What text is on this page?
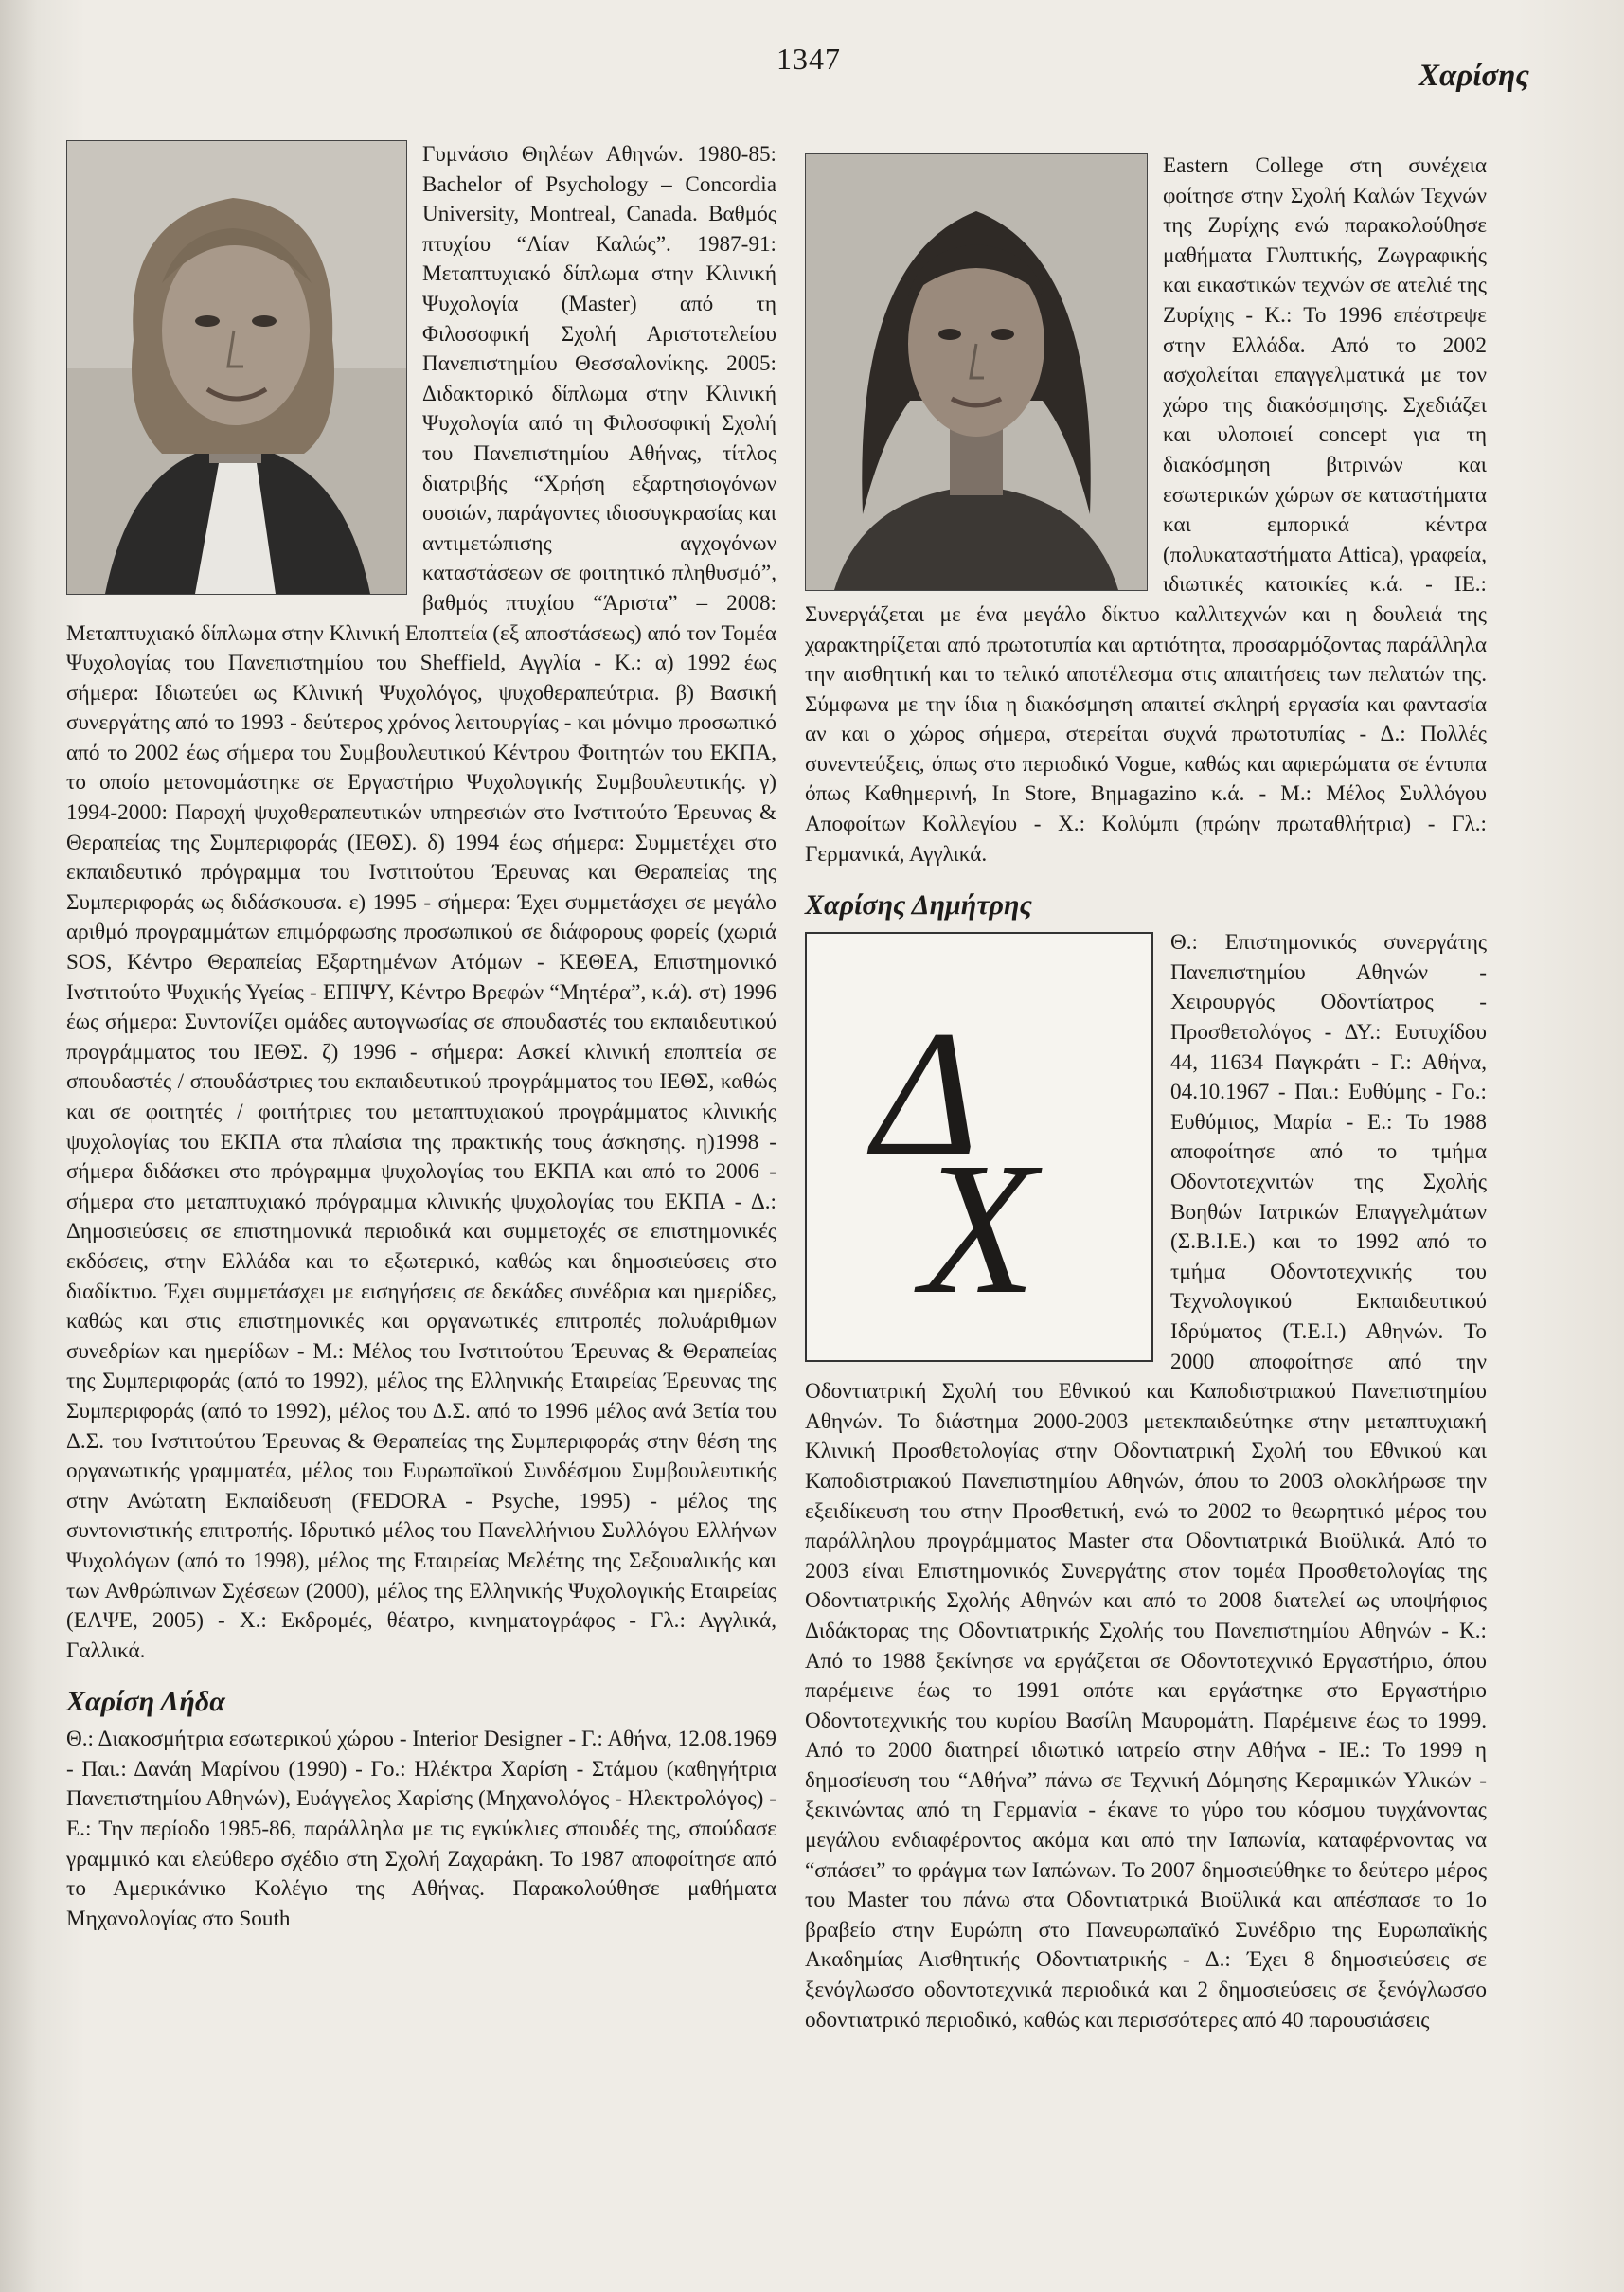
1347	Χαρίσης

Γυμνάσιο Θηλέων Αθηνών. 1980-85: Bachelor of Psychology – Concordia University, Montreal, Canada. Βαθμός πτυχίου “Λίαν Καλώς”. 1987-91: Μεταπτυχιακό δίπλωμα στην Κλινική Ψυχολογία (Master) από τη Φιλοσοφική Σχολή Αριστοτελείου Πανεπιστημίου Θεσσαλονίκης. 2005: Διδακτορικό δίπλωμα στην Κλινική Ψυχολογία από τη Φιλοσοφική Σχολή του Πανεπιστημίου Αθήνας, τίτλος διατριβής “Χρήση εξαρτησιογόνων ουσιών, παράγοντες ιδιοσυγκρασίας και αντιμετώπισης αγχογόνων καταστάσεων σε φοιτητικό πληθυσμό”, βαθμός πτυχίου “Άριστα” – 2008: Μεταπτυχιακό δίπλωμα στην Κλινική Εποπτεία (εξ αποστάσεως) από τον Τομέα Ψυχολογίας του Πανεπιστημίου του Sheffield, Αγγλία - Κ.: α) 1992 έως σήμερα: Ιδιωτεύει ως Κλινική Ψυχολόγος, ψυχοθεραπεύτρια. β) Βασική συνεργάτης από το 1993 - δεύτερος χρόνος λειτουργίας - και μόνιμο προσωπικό από το 2002 έως σήμερα του Συμβουλευτικού Κέντρου Φοιτητών του ΕΚΠΑ, το οποίο μετονομάστηκε σε Εργαστήριο Ψυχολογικής Συμβουλευτικής. γ) 1994-2000: Παροχή ψυχοθεραπευτικών υπηρεσιών στο Ινστιτούτο Έρευνας & Θεραπείας της Συμπεριφοράς (ΙΕΘΣ). δ) 1994 έως σήμερα: Συμμετέχει στο εκπαιδευτικό πρόγραμμα του Ινστιτούτου Έρευνας και Θεραπείας της Συμπεριφοράς ως διδάσκουσα. ε) 1995 - σήμερα: Έχει συμμετάσχει σε μεγάλο αριθμό προγραμμάτων επιμόρφωσης προσωπικού σε διάφορους φορείς (χωριά SOS, Κέντρο Θεραπείας Εξαρτημένων Ατόμων - ΚΕΘΕΑ, Επιστημονικό Ινστιτούτο Ψυχικής Υγείας - ΕΠΙΨΥ, Κέντρο Βρεφών “Μητέρα”, κ.ά). στ) 1996 έως σήμερα: Συντονίζει ομάδες αυτογνωσίας σε σπουδαστές του εκπαιδευτικού προγράμματος του ΙΕΘΣ. ζ) 1996 - σήμερα: Ασκεί κλινική εποπτεία σε σπουδαστές / σπουδάστριες του εκπαιδευτικού προγράμματος του ΙΕΘΣ, καθώς και σε φοιτητές / φοιτήτριες του μεταπτυχιακού προγράμματος κλινικής ψυχολογίας του ΕΚΠΑ στα πλαίσια της πρακτικής τους άσκησης. η)1998 - σήμερα διδάσκει στο πρόγραμμα ψυχολογίας του ΕΚΠΑ και από το 2006 - σήμερα στο μεταπτυχιακό πρόγραμμα κλινικής ψυχολογίας του ΕΚΠΑ - Δ.: Δημοσιεύσεις σε επιστημονικά περιοδικά και συμμετοχές σε επιστημονικές εκδόσεις, στην Ελλάδα και το εξωτερικό, καθώς και δημοσιεύσεις στο διαδίκτυο. Έχει συμμετάσχει με εισηγήσεις σε δεκάδες συνέδρια και ημερίδες, καθώς και στις επιστημονικές και οργανωτικές επιτροπές πολυάριθμων συνεδρίων και ημερίδων - Μ.: Μέλος του Ινστιτούτου Έρευνας & Θεραπείας της Συμπεριφοράς (από το 1992), μέλος της Ελληνικής Εταιρείας Έρευνας της Συμπεριφοράς (από το 1992), μέλος του Δ.Σ. από το 1996 μέλος ανά 3ετία του Δ.Σ. του Ινστιτούτου Έρευνας & Θεραπείας της Συμπεριφοράς στην θέση της οργανωτικής γραμματέα, μέλος του Ευρωπαϊκού Συνδέσμου Συμβουλευτικής στην Ανώτατη Εκπαίδευση (FEDORA - Psyche, 1995) - μέλος της συντονιστικής επιτροπής. Ιδρυτικό μέλος του Πανελλήνιου Συλλόγου Ελλήνων Ψυχολόγων (από το 1998), μέλος της Εταιρείας Μελέτης της Σεξουαλικής και των Ανθρώπινων Σχέσεων (2000), μέλος της Ελληνικής Ψυχολογικής Εταιρείας (ΕΛΨΕ, 2005) - Χ.: Εκδρομές, θέατρο, κινηματογράφος - Γλ.: Αγγλικά, Γαλλικά.

Χαρίση Λήδα

Θ.: Διακοσμήτρια εσωτερικού χώρου - Interior Designer - Γ.: Αθήνα, 12.08.1969 - Παι.: Δανάη Μαρίνου (1990) - Γο.: Ηλέκτρα Χαρίση - Στάμου (καθηγήτρια Πανεπιστημίου Αθηνών), Ευάγγελος Χαρίσης (Μηχανολόγος - Ηλεκτρολόγος) - Ε.: Την περίοδο 1985-86, παράλληλα με τις εγκύκλιες σπουδές της, σπούδασε γραμμικό και ελεύθερο σχέδιο στη Σχολή Ζαχαράκη. Το 1987 αποφοίτησε από το Αμερικάνικο Κολέγιο της Αθήνας. Παρακολούθησε μαθήματα Μηχανολογίας στο South

Eastern College στη συνέχεια φοίτησε στην Σχολή Καλών Τεχνών της Ζυρίχης ενώ παρακολούθησε μαθήματα Γλυπτικής, Ζωγραφικής και εικαστικών τεχνών σε ατελιέ της Ζυρίχης - Κ.: Το 1996 επέστρεψε στην Ελλάδα. Από το 2002 ασχολείται επαγγελματικά με τον χώρο της διακόσμησης. Σχεδιάζει και υλοποιεί concept για τη διακόσμηση βιτρινών και εσωτερικών χώρων σε καταστήματα και εμπορικά κέντρα (πολυκαταστήματα Attica), γραφεία, ιδιωτικές κατοικίες κ.ά. - ΙΕ.: Συνεργάζεται με ένα μεγάλο δίκτυο καλλιτεχνών και η δουλειά της χαρακτηρίζεται από πρωτοτυπία και αρτιότητα, προσαρμόζοντας παράλληλα την αισθητική και το τελικό αποτέλεσμα στις απαιτήσεις των πελατών της. Σύμφωνα με την ίδια η διακόσμηση απαιτεί σκληρή εργασία και φαντασία αν και ο χώρος σήμερα, στερείται συχνά πρωτοτυπίας - Δ.: Πολλές συνεντεύξεις, όπως στο περιοδικό Vogue, καθώς και αφιερώματα σε έντυπα όπως Καθημερινή, In Store, Βημagazino κ.ά. - Μ.: Μέλος Συλλόγου Αποφοίτων Κολλεγίου - Χ.: Κολύμπι (πρώην πρωταθλήτρια) - Γλ.: Γερμανικά, Αγγλικά.

Χαρίσης Δημήτρης
Δ
Χ

Θ.: Επιστημονικός συνεργάτης Πανεπιστημίου Αθηνών - Χειρουργός Οδοντίατρος - Προσθετολόγος - ΔΥ.: Ευτυχίδου 44, 11634 Παγκράτι - Γ.: Αθήνα, 04.10.1967 - Παι.: Ευθύμης - Γο.: Ευθύμιος, Μαρία - Ε.: Το 1988 αποφοίτησε από το τμήμα Οδοντοτεχνιτών της Σχολής Βοηθών Ιατρικών Επαγγελμάτων (Σ.Β.Ι.Ε.) και το 1992 από το τμήμα Οδοντοτεχνικής του Τεχνολογικού Εκπαιδευτικού Ιδρύματος (Τ.Ε.Ι.) Αθηνών. Το 2000 αποφοίτησε από την Οδοντιατρική Σχολή του Εθνικού και Καποδιστριακού Πανεπιστημίου Αθηνών. Το διάστημα 2000-2003 μετεκπαιδεύτηκε στην μεταπτυχιακή Κλινική Προσθετολογίας στην Οδοντιατρική Σχολή του Εθνικού και Καποδιστριακού Πανεπιστημίου Αθηνών, όπου το 2003 ολοκλήρωσε την εξειδίκευση του στην Προσθετική, ενώ το 2002 το θεωρητικό μέρος του παράλληλου προγράμματος Master στα Οδοντιατρικά Βιοϋλικά. Από το 2003 είναι Επιστημονικός Συνεργάτης στον τομέα Προσθετολογίας της Οδοντιατρικής Σχολής Αθηνών και από το 2008 διατελεί ως υποψήφιος Διδάκτορας της Οδοντιατρικής Σχολής του Πανεπιστημίου Αθηνών - Κ.: Από το 1988 ξεκίνησε να εργάζεται σε Οδοντοτεχνικό Εργαστήριο, όπου παρέμεινε έως το 1991 οπότε και εργάστηκε στο Εργαστήριο Οδοντοτεχνικής του κυρίου Βασίλη Μαυρομάτη. Παρέμεινε έως το 1999. Από το 2000 διατηρεί ιδιωτικό ιατρείο στην Αθήνα - ΙΕ.: Το 1999 η δημοσίευση του “Αθήνα” πάνω σε Τεχνική Δόμησης Κεραμικών Υλικών - ξεκινώντας από τη Γερμανία - έκανε το γύρο του κόσμου τυγχάνοντας μεγάλου ενδιαφέροντος ακόμα και από την Ιαπωνία, καταφέρνοντας να “σπάσει” το φράγμα των Ιαπώνων. Το 2007 δημοσιεύθηκε το δεύτερο μέρος του Master του πάνω στα Οδοντιατρικά Βιοϋλικά και απέσπασε το 1ο βραβείο στην Ευρώπη στο Πανευρωπαϊκό Συνέδριο της Ευρωπαϊκής Ακαδημίας Αισθητικής Οδοντιατρικής - Δ.: Έχει 8 δημοσιεύσεις σε ξενόγλωσσο οδοντοτεχνικά περιοδικά και 2 δημοσιεύσεις σε ξενόγλωσσο οδοντιατρικό περιοδικό, καθώς και περισσότερες από 40 παρουσιάσεις
